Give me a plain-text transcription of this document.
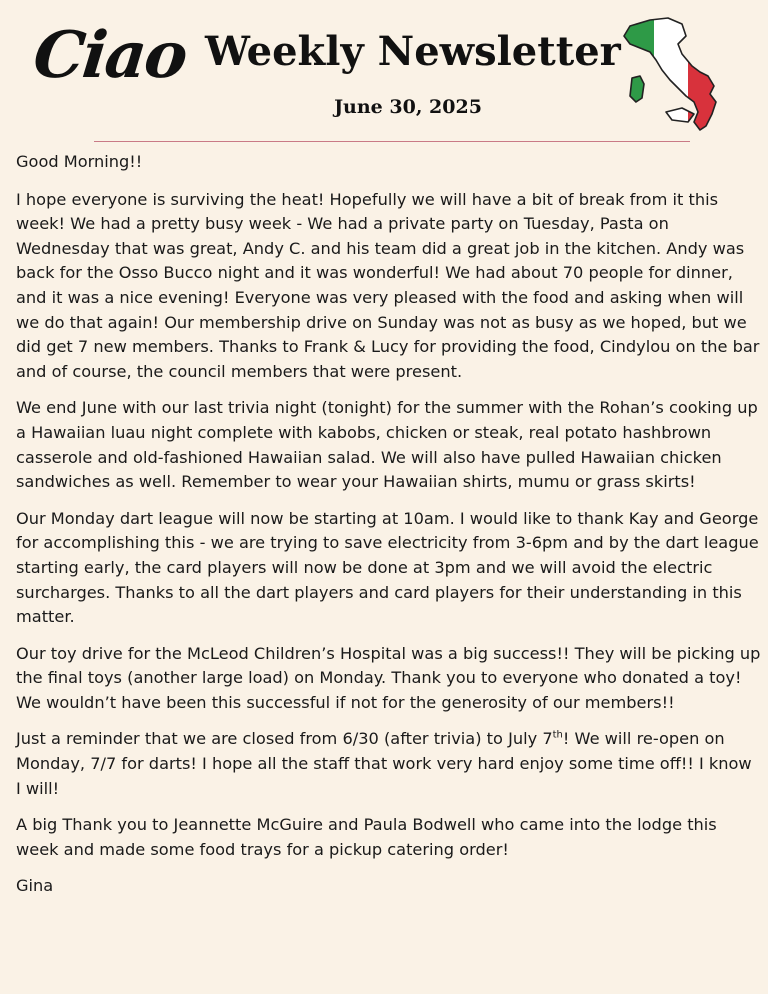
Ciao Weekly Newsletter
June 30, 2025

Good Morning!!

I hope everyone is surviving the heat! Hopefully we will have a bit of break from it this week! We had a pretty busy week - We had a private party on Tuesday, Pasta on Wednesday that was great, Andy C. and his team did a great job in the kitchen. Andy was back for the Osso Bucco night and it was wonderful! We had about 70 people for dinner, and it was a nice evening! Everyone was very pleased with the food and asking when will we do that again! Our membership drive on Sunday was not as busy as we hoped, but we did get 7 new members. Thanks to Frank & Lucy for providing the food, Cindylou on the bar and of course, the council members that were present.

We end June with our last trivia night (tonight) for the summer with the Rohan’s cooking up a Hawaiian luau night complete with kabobs, chicken or steak, real potato hashbrown casserole and old-fashioned Hawaiian salad. We will also have pulled Hawaiian chicken sandwiches as well. Remember to wear your Hawaiian shirts, mumu or grass skirts!

Our Monday dart league will now be starting at 10am. I would like to thank Kay and George for accomplishing this - we are trying to save electricity from 3-6pm and by the dart league starting early, the card players will now be done at 3pm and we will avoid the electric surcharges. Thanks to all the dart players and card players for their understanding in this matter.

Our toy drive for the McLeod Children’s Hospital was a big success!! They will be picking up the final toys (another large load) on Monday. Thank you to everyone who donated a toy! We wouldn’t have been this successful if not for the generosity of our members!!

Just a reminder that we are closed from 6/30 (after trivia) to July 7th! We will re-open on Monday, 7/7 for darts! I hope all the staff that work very hard enjoy some time off!! I know I will!

A big Thank you to Jeannette McGuire and Paula Bodwell who came into the lodge this week and made some food trays for a pickup catering order!

Gina
